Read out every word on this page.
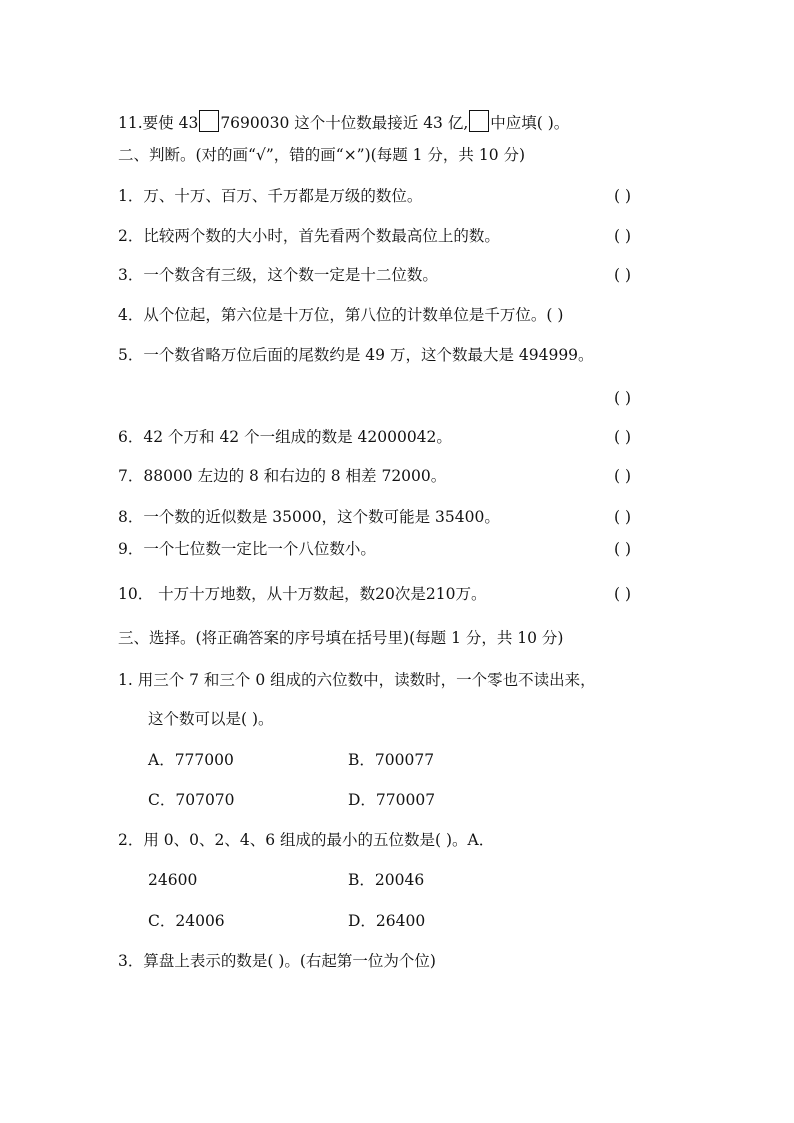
11.要使 43 7690030 这个十位数最接近 43 亿, 中应填( )。
二、判断。(对的画“√”，错的画“×”)(每题 1 分，共 10 分)
1．万、十万、百万、千万都是万级的数位。	( )
2．比较两个数的大小时，首先看两个数最高位上的数。	( )
3．一个数含有三级，这个数一定是十二位数。	( )
4．从个位起，第六位是十万位，第八位的计数单位是千万位。( )
5．一个数省略万位后面的尾数约是 49 万，这个数最大是 494999。
( )
6．42 个万和 42 个一组成的数是 42000042。	( )
7．88000 左边的 8 和右边的 8 相差 72000。	( )
8．一个数的近似数是 35000，这个数可能是 35400。	( )
9．一个七位数一定比一个八位数小。	( )
10． 十万十万地数，从十万数起，数20次是210万。	( )
三、选择。(将正确答案的序号填在括号里)(每题 1 分，共 10 分)
1. 用三个 7 和三个 0 组成的六位数中，读数时，一个零也不读出来，
这个数可以是( )。
A．777000	B．700077
C．707070	D．770007
2．用 0、0、2、4、6 组成的最小的五位数是( )。A．
24600	B．20046
C．24006	D．26400
3．算盘上表示的数是( )。(右起第一位为个位)
